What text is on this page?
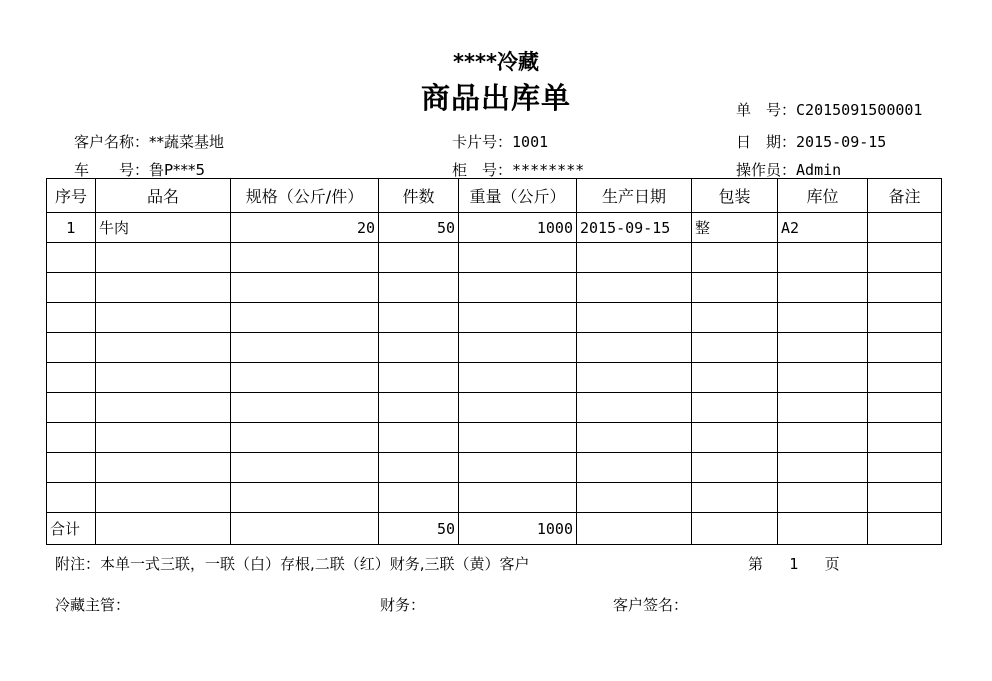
****冷藏
商品出库单	单　号：C2015091500001
客户名称：**蔬菜基地	卡片号：1001	日　期：2015-09-15
车　　号：鲁P***5	柜　号：********	操作员：Admin
序号	品名	规格（公斤/件）	件数	重量（公斤）	生产日期	包装	库位	备注
1	牛肉	20	50	1000	2015-09-15	整	A2	

合计			50	1000				
附注：本单一式三联，一联（白）存根,二联（红）财务,三联（黄）客户	第 1 页
冷藏主管：	财务：	客户签名：
